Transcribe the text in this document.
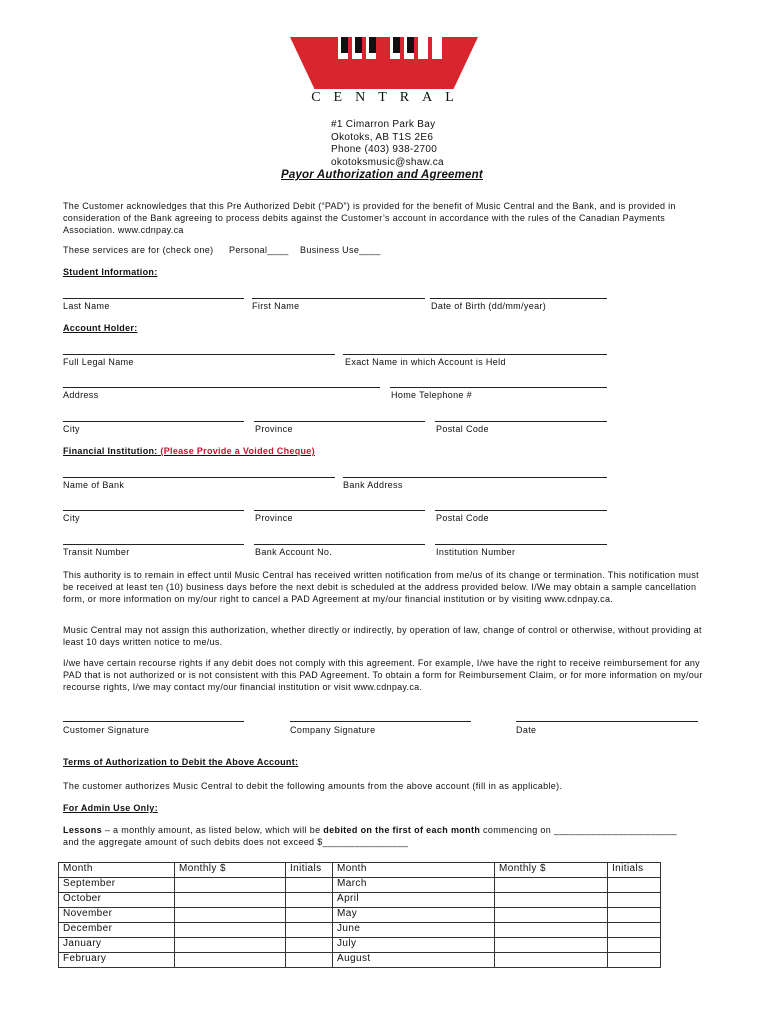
MUSIC
CENTRAL
#1 Cimarron Park Bay
Okotoks, AB T1S 2E6
Phone (403) 938-2700
okotoksmusic@shaw.ca
Payor Authorization and Agreement
The Customer acknowledges that this Pre Authorized Debit (“PAD”) is provided for the benefit of Music Central and the Bank, and is provided in consideration of the Bank agreeing to process debits against the Customer’s account in accordance with the rules of the Canadian Payments Association. www.cdnpay.ca
These services are for (check one) Personal____ Business Use____
Student Information:
Last Name	First Name	Date of Birth (dd/mm/year)
Account Holder:
Full Legal Name	Exact Name in which Account is Held
Address	Home Telephone #
City	Province	Postal Code
Financial Institution: (Please Provide a Voided Cheque)
Name of Bank	Bank Address
City	Province	Postal Code
Transit Number	Bank Account No.	Institution Number
This authority is to remain in effect until Music Central has received written notification from me/us of its change or termination. This notification must be received at least ten (10) business days before the next debit is scheduled at the address provided below. I/We may obtain a sample cancellation form, or more information on my/our right to cancel a PAD Agreement at my/our financial institution or by visiting www.cdnpay.ca.
Music Central may not assign this authorization, whether directly or indirectly, by operation of law, change of control or otherwise, without providing at least 10 days written notice to me/us.
I/we have certain recourse rights if any debit does not comply with this agreement. For example, I/we have the right to receive reimbursement for any PAD that is not authorized or is not consistent with this PAD Agreement. To obtain a form for Reimbursement Claim, or for more information on my/our recourse rights, I/we may contact my/our financial institution or visit www.cdnpay.ca.
Customer Signature	Company Signature	Date
Terms of Authorization to Debit the Above Account:
The customer authorizes Music Central to debit the following amounts from the above account (fill in as applicable).
For Admin Use Only:
Lessons – a monthly amount, as listed below, which will be debited on the first of each month commencing on _______________________
and the aggregate amount of such debits does not exceed $________________
Month	Monthly $	Initials	Month	Monthly $	Initials
September			March		
October			April		
November			May		
December			June		
January			July		
February			August		
